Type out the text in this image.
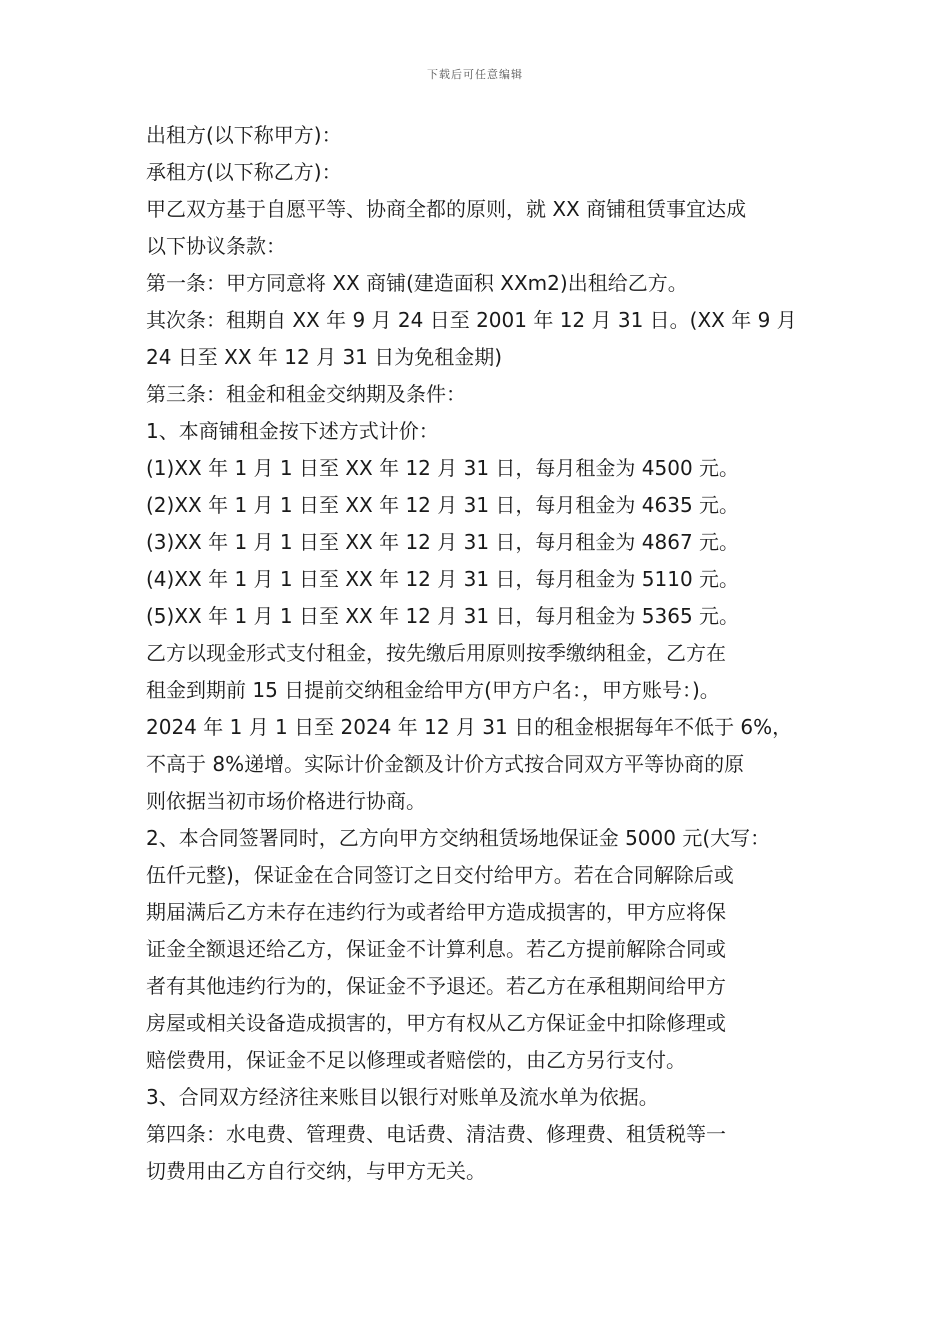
下载后可任意编辑

出租方(以下称甲方)：

承租方(以下称乙方)：

甲乙双方基于自愿平等、协商全都的原则，就 XX 商铺租赁事宜达成

以下协议条款：

第一条：甲方同意将 XX 商铺(建造面积 XXm2)出租给乙方。

其次条：租期自 XX 年 9 月 24 日至 2001 年 12 月 31 日。(XX 年 9 月

24 日至 XX 年 12 月 31 日为免租金期)

第三条：租金和租金交纳期及条件：

1、本商铺租金按下述方式计价：

(1)XX 年 1 月 1 日至 XX 年 12 月 31 日，每月租金为 4500 元。

(2)XX 年 1 月 1 日至 XX 年 12 月 31 日，每月租金为 4635 元。

(3)XX 年 1 月 1 日至 XX 年 12 月 31 日，每月租金为 4867 元。

(4)XX 年 1 月 1 日至 XX 年 12 月 31 日，每月租金为 5110 元。

(5)XX 年 1 月 1 日至 XX 年 12 月 31 日，每月租金为 5365 元。

乙方以现金形式支付租金，按先缴后用原则按季缴纳租金，乙方在

租金到期前 15 日提前交纳租金给甲方(甲方户名：，甲方账号：)。

2024 年 1 月 1 日至 2024 年 12 月 31 日的租金根据每年不低于 6%，

不高于 8%递增。实际计价金额及计价方式按合同双方平等协商的原

则依据当初市场价格进行协商。

2、本合同签署同时，乙方向甲方交纳租赁场地保证金 5000 元(大写：

伍仟元整)，保证金在合同签订之日交付给甲方。若在合同解除后或

期届满后乙方未存在违约行为或者给甲方造成损害的，甲方应将保

证金全额退还给乙方，保证金不计算利息。若乙方提前解除合同或

者有其他违约行为的，保证金不予退还。若乙方在承租期间给甲方

房屋或相关设备造成损害的，甲方有权从乙方保证金中扣除修理或

赔偿费用，保证金不足以修理或者赔偿的，由乙方另行支付。

3、合同双方经济往来账目以银行对账单及流水单为依据。

第四条：水电费、管理费、电话费、清洁费、修理费、租赁税等一

切费用由乙方自行交纳，与甲方无关。
